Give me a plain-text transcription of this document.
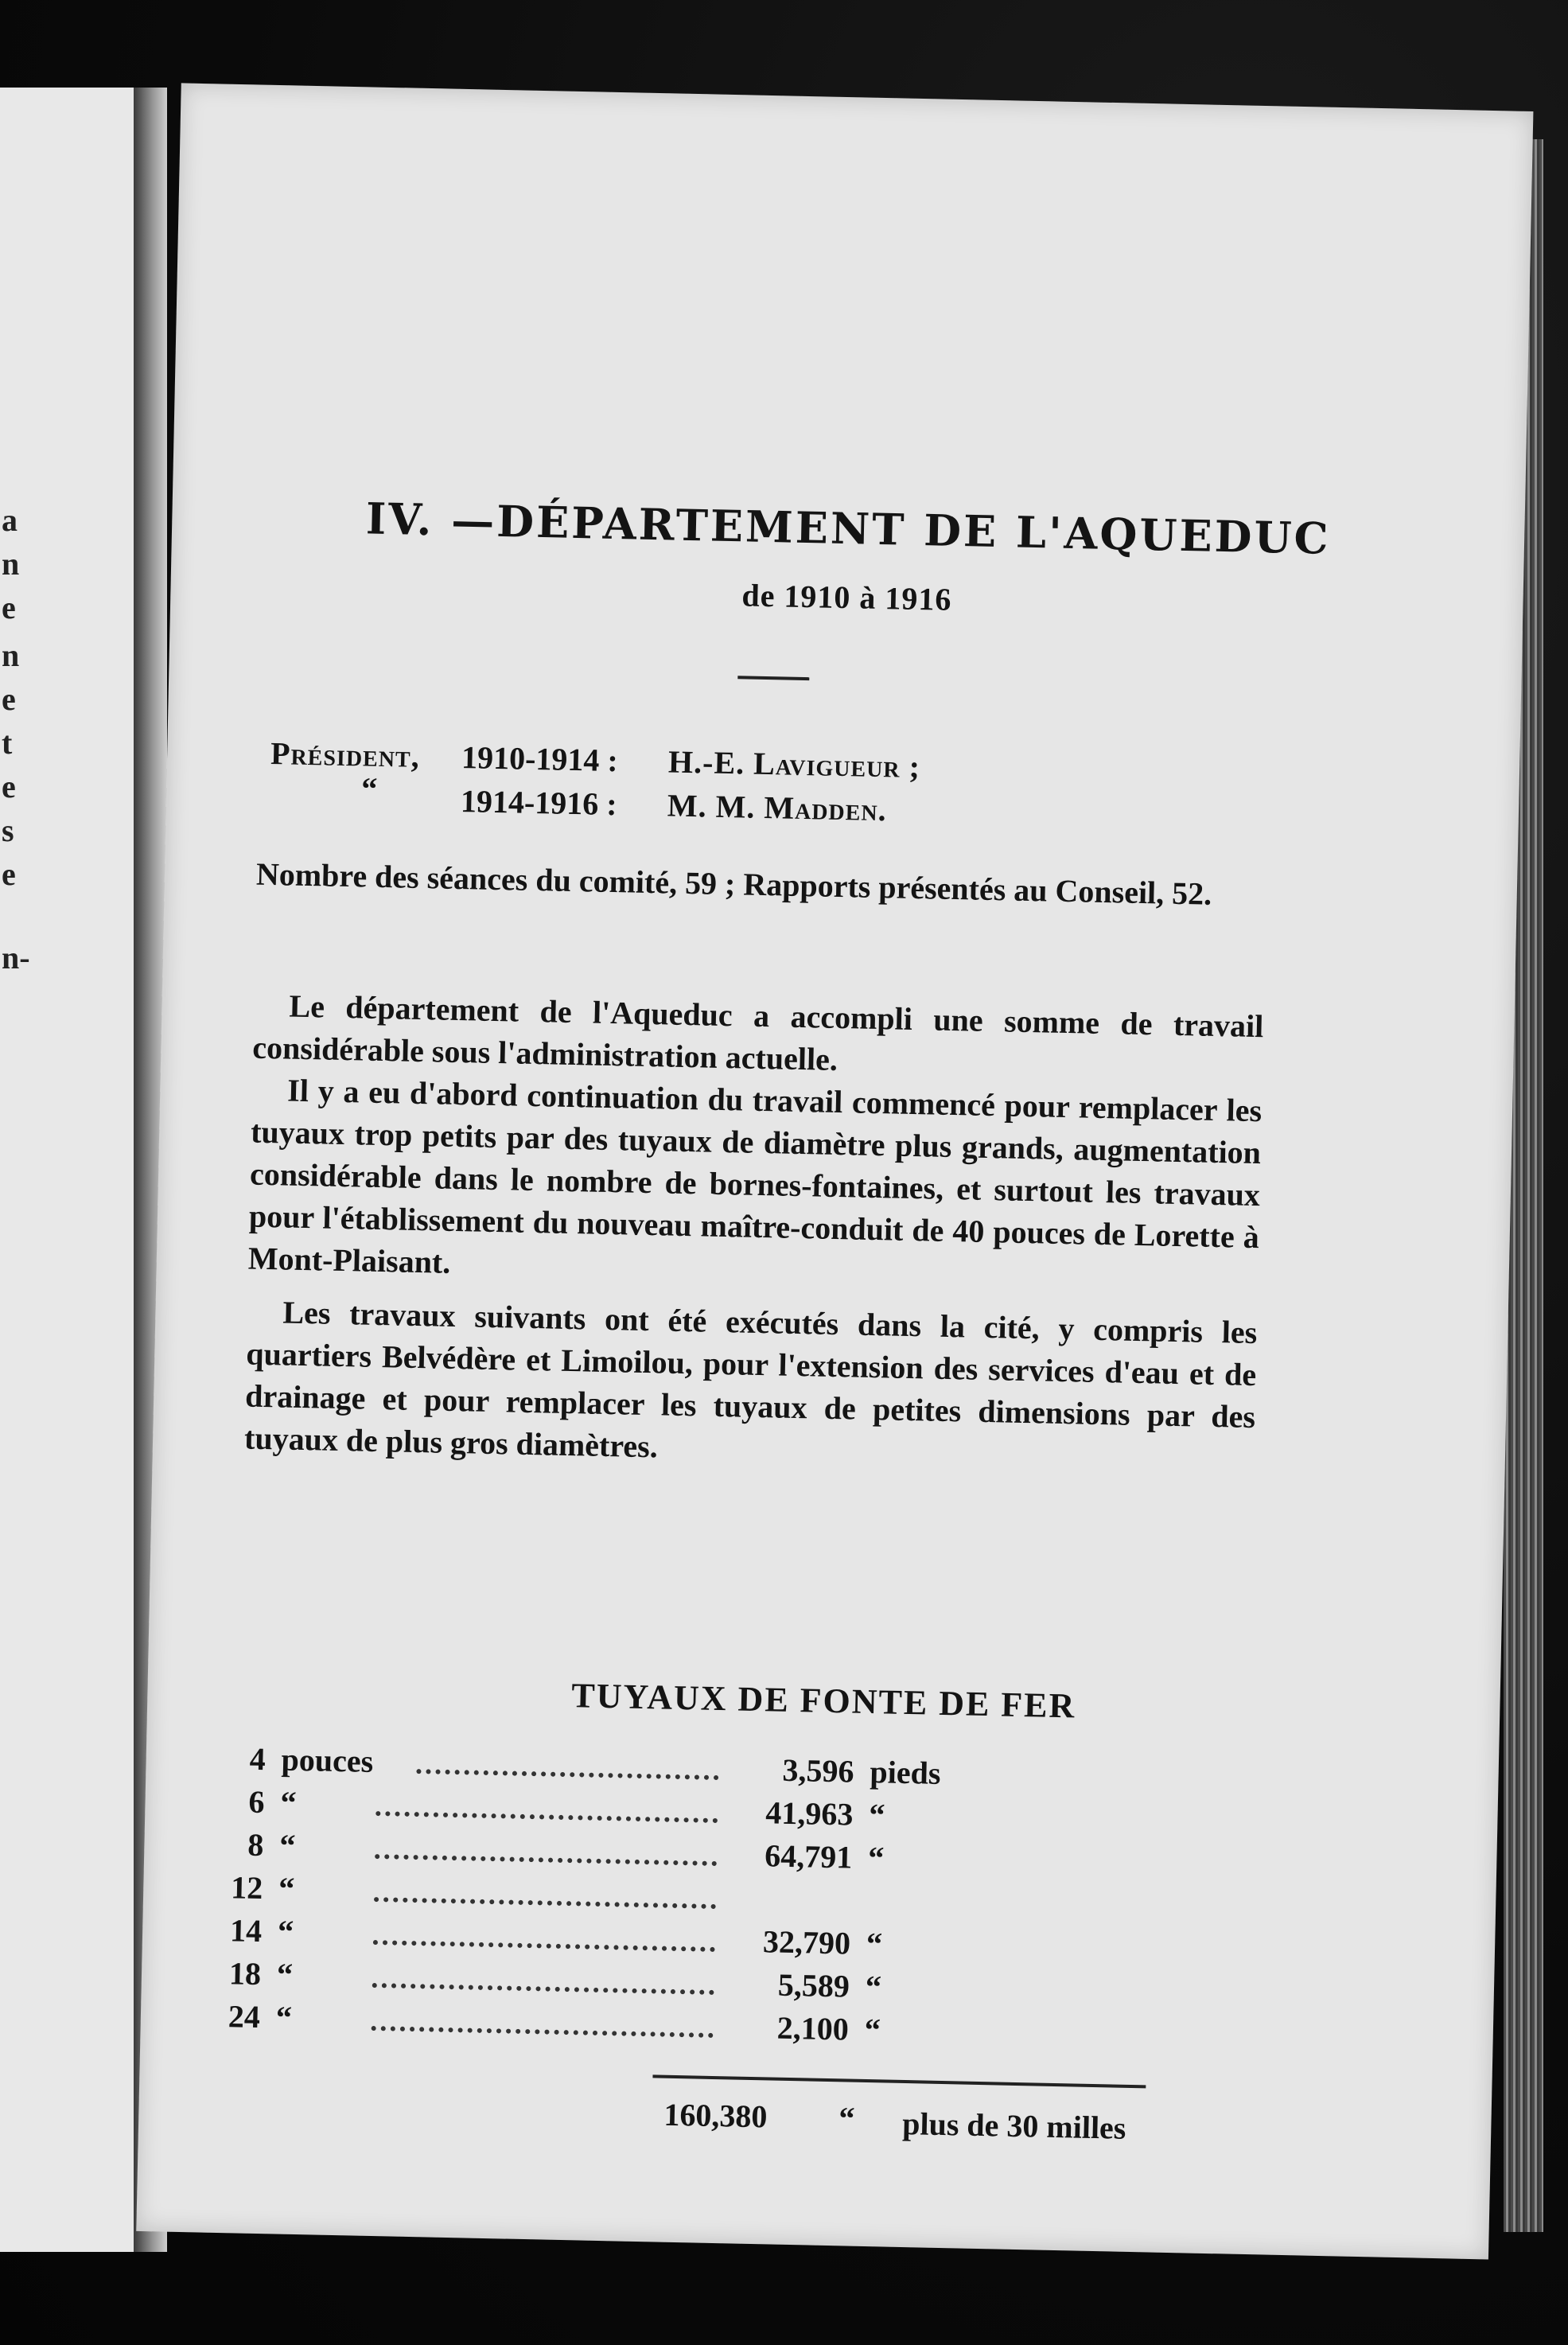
a
n
e
n
e
t
e
s
e
n-
IV. —DÉPARTEMENT DE L'AQUEDUC
de 1910 à 1916
Président, 1910-1914 : H.-E. Lavigueur ;
“	1914-1916 : M. M. Madden.

Nombre des séances du comité, 59 ; Rapports présentés au Conseil, 52.

Le département de l'Aqueduc a accompli une somme de travail considérable sous l'administration actuelle.

Il y a eu d'abord continuation du travail commencé pour remplacer les tuyaux trop petits par des tuyaux de diamètre plus grands, augmentation considérable dans le nombre de bornes-fontaines, et surtout les travaux pour l'établissement du nouveau maître-conduit de 40 pouces de Lorette à Mont-Plaisant.

Les travaux suivants ont été exécutés dans la cité, y compris les quartiers Belvédère et Limoilou, pour l'extension des services d'eau et de drainage et pour remplacer les tuyaux de petites dimensions par des tuyaux de plus gros diamètres.

TUYAUX DE FONTE DE FER
4 pouces	3,596 pieds
6 “	41,963 “
8 “	64,791 “
12 “
14 “	32,790 “
18 “	5,589 “
24 “	2,100 “
160,380 “ plus de 30 milles
